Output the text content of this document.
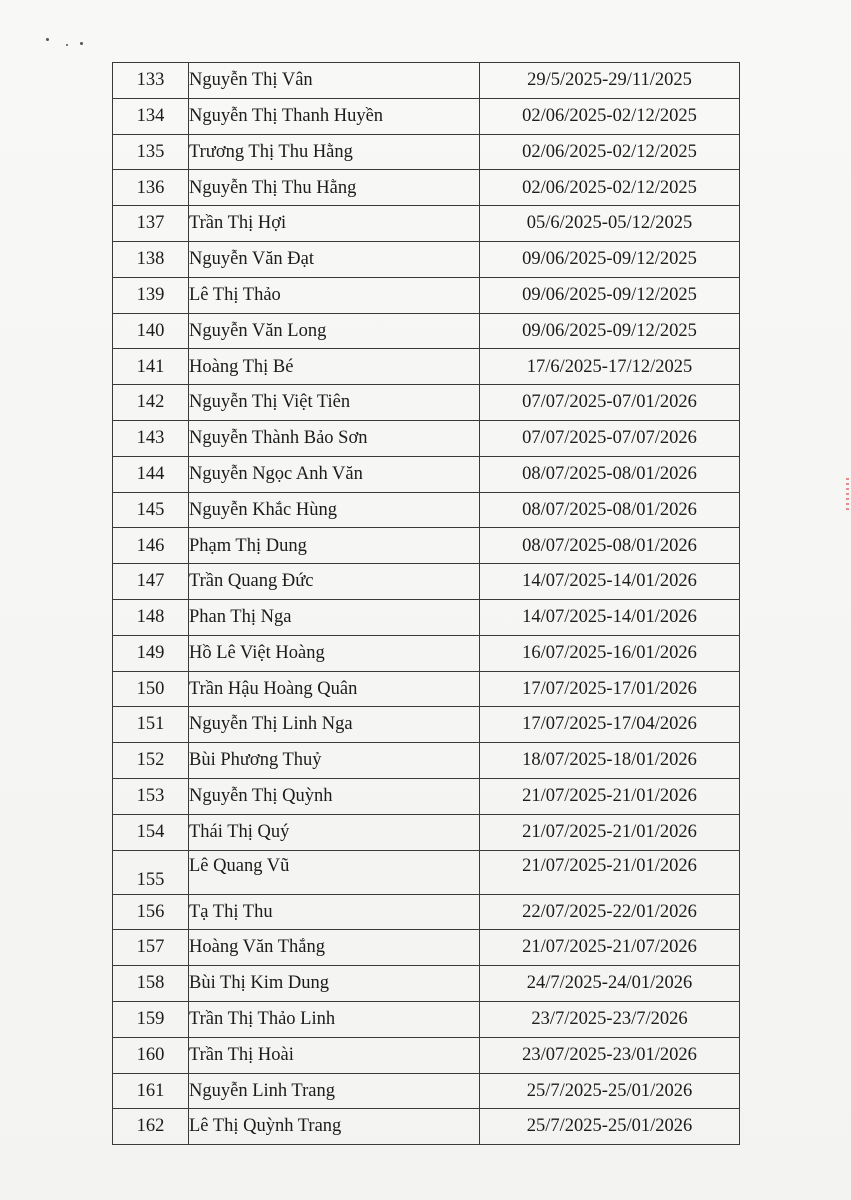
133	Nguyễn Thị Vân	29/5/2025-29/11/2025
134	Nguyễn Thị Thanh Huyền	02/06/2025-02/12/2025
135	Trương Thị Thu Hằng	02/06/2025-02/12/2025
136	Nguyễn Thị Thu Hằng	02/06/2025-02/12/2025
137	Trần Thị Hợi	05/6/2025-05/12/2025
138	Nguyễn Văn Đạt	09/06/2025-09/12/2025
139	Lê Thị Thảo	09/06/2025-09/12/2025
140	Nguyễn Văn Long	09/06/2025-09/12/2025
141	Hoàng Thị Bé	17/6/2025-17/12/2025
142	Nguyễn Thị Việt Tiên	07/07/2025-07/01/2026
143	Nguyễn Thành Bảo Sơn	07/07/2025-07/07/2026
144	Nguyễn Ngọc Anh Văn	08/07/2025-08/01/2026
145	Nguyễn Khắc Hùng	08/07/2025-08/01/2026
146	Phạm Thị Dung	08/07/2025-08/01/2026
147	Trần Quang Đức	14/07/2025-14/01/2026
148	Phan Thị Nga	14/07/2025-14/01/2026
149	Hồ Lê Việt Hoàng	16/07/2025-16/01/2026
150	Trần Hậu Hoàng Quân	17/07/2025-17/01/2026
151	Nguyễn Thị Linh Nga	17/07/2025-17/04/2026
152	Bùi Phương Thuỷ	18/07/2025-18/01/2026
153	Nguyễn Thị Quỳnh	21/07/2025-21/01/2026
154	Thái Thị Quý	21/07/2025-21/01/2026
155	Lê Quang Vũ	21/07/2025-21/01/2026
156	Tạ Thị Thu	22/07/2025-22/01/2026
157	Hoàng Văn Thắng	21/07/2025-21/07/2026
158	Bùi Thị Kim Dung	24/7/2025-24/01/2026
159	Trần Thị Thảo Linh	23/7/2025-23/7/2026
160	Trần Thị Hoài	23/07/2025-23/01/2026
161	Nguyễn Linh Trang	25/7/2025-25/01/2026
162	Lê Thị Quỳnh Trang	25/7/2025-25/01/2026
